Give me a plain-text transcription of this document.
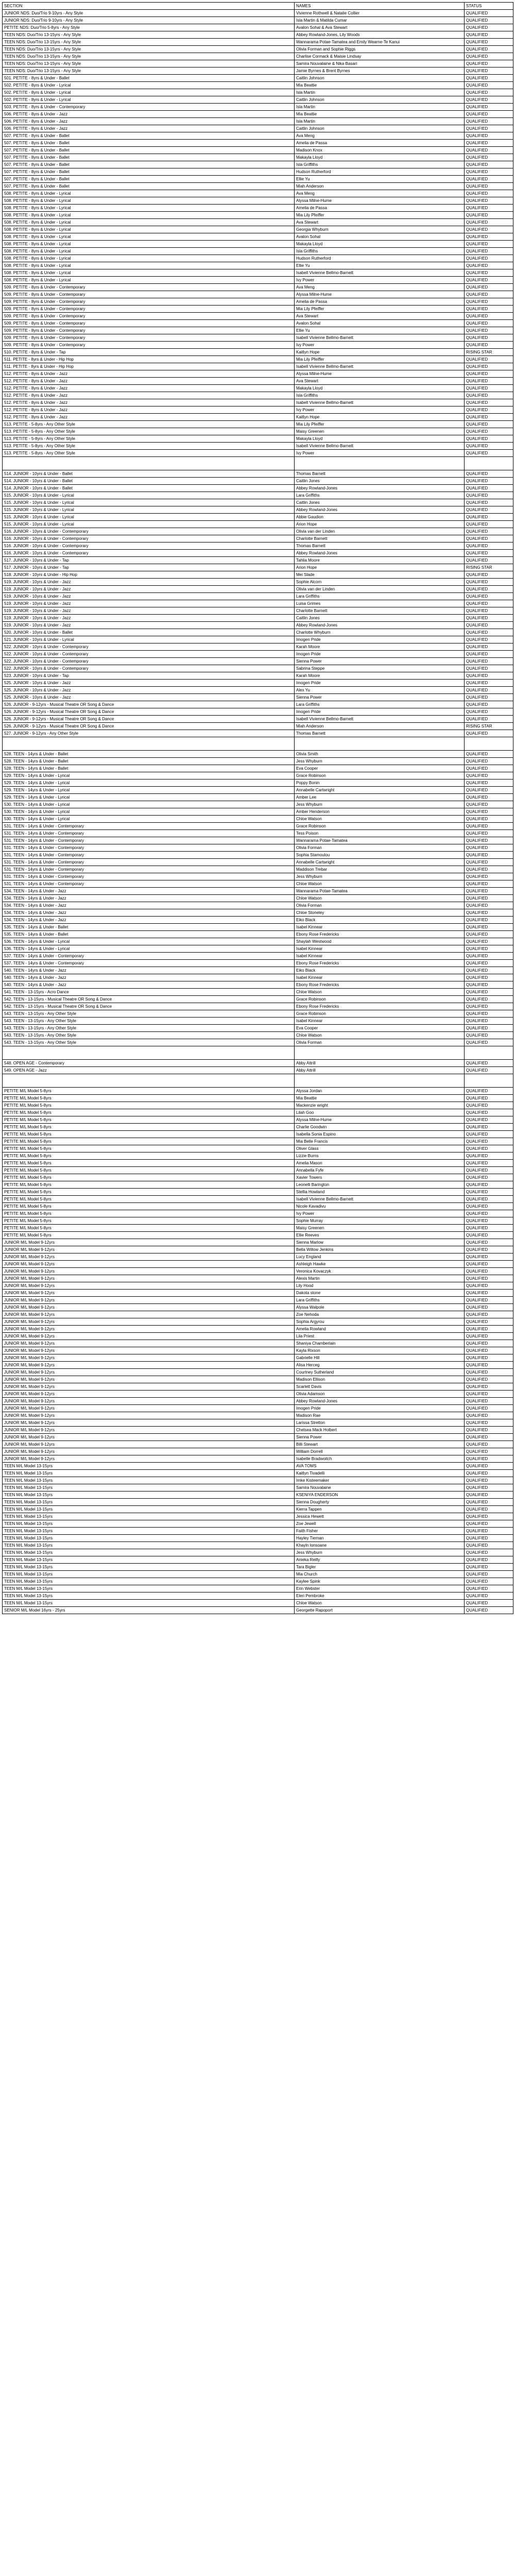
SECTION	NAMES	STATUS
JUNIOR NDS: Duo/Trio 9-10yrs - Any Style	Vivienne Rothwell & Natalie Collier	QUALIFIED
JUNIOR NDS: Duo/Trio 9-10yrs - Any Style	Isla Martin & Matilda Cumar	QUALIFIED
PETITE NDS: Duo/Trio 5-8yrs - Any Style	Avalon Sohal & Ava Stewart	QUALIFIED
TEEN NDS: Duo/Trio 13-15yrs - Any Style	Abbey Rowland-Jones, Lily Woods	QUALIFIED
TEEN NDS: Duo/Trio 13-15yrs - Any Style	Wannarama Potae-Tamatea and Emily Wearne-Te Kanui	QUALIFIED
TEEN NDS: Duo/Trio 13-15yrs - Any Style	Olivia Forman and Sophie Riggs	QUALIFIED
TEEN NDS: Duo/Trio 13-15yrs - Any Style	Charlise Cormack & Maisie Lindsay	QUALIFIED
TEEN NDS: Duo/Trio 13-15yrs - Any Style	Samira Nouvalaine & Nika Basari	QUALIFIED
TEEN NDS: Duo/Trio 13-15yrs - Any Style	Jamie Byrnes & Brent Byrnes	QUALIFIED
501. PETITE - 8yrs & Under - Ballet	Caitlin Johnson	QUALIFIED
502. PETITE - 8yrs & Under - Lyrical	Mia Beattie	QUALIFIED
502. PETITE - 8yrs & Under - Lyrical	Isla Martin	QUALIFIED
502. PETITE - 8yrs & Under - Lyrical	Caitlin Johnson	QUALIFIED
503. PETITE - 8yrs & Under - Contemporary	Isla Martin	QUALIFIED
506. PETITE - 8yrs & Under - Jazz	Mia Beattie	QUALIFIED
506. PETITE - 8yrs & Under - Jazz	Isla Martin	QUALIFIED
506. PETITE - 8yrs & Under - Jazz	Caitlin Johnson	QUALIFIED
507. PETITE - 8yrs & Under - Ballet	Ava Meng	QUALIFIED
507. PETITE - 8yrs & Under - Ballet	Amelia de Passa	QUALIFIED
507. PETITE - 8yrs & Under - Ballet	Madison Knox	QUALIFIED
507. PETITE - 8yrs & Under - Ballet	Makayla Lloyd	QUALIFIED
507. PETITE - 8yrs & Under - Ballet	Isla Griffiths	QUALIFIED
507. PETITE - 8yrs & Under - Ballet	Hudson Rutherford	QUALIFIED
507. PETITE - 8yrs & Under - Ballet	Ellie Yu	QUALIFIED
507. PETITE - 8yrs & Under - Ballet	Miah Anderson	QUALIFIED
508. PETITE - 8yrs & Under - Lyrical	Ava Meng	QUALIFIED
508. PETITE - 8yrs & Under - Lyrical	Alyssa Milne-Hume	QUALIFIED
508. PETITE - 8yrs & Under - Lyrical	Amelia de Passa	QUALIFIED
508. PETITE - 8yrs & Under - Lyrical	Mia Lily Pfeiffer	QUALIFIED
508. PETITE - 8yrs & Under - Lyrical	Ava Stewart	QUALIFIED
508. PETITE - 8yrs & Under - Lyrical	Georgia Whyburn	QUALIFIED
508. PETITE - 8yrs & Under - Lyrical	Avalon Sohal	QUALIFIED
508. PETITE - 8yrs & Under - Lyrical	Makayla Lloyd	QUALIFIED
508. PETITE - 8yrs & Under - Lyrical	Isla Griffiths	QUALIFIED
508. PETITE - 8yrs & Under - Lyrical	Hudson Rutherford	QUALIFIED
508. PETITE - 8yrs & Under - Lyrical	Ellie Yu	QUALIFIED
508. PETITE - 8yrs & Under - Lyrical	Isabell Vivienne Bellmo-Barnett	QUALIFIED
508. PETITE - 8yrs & Under - Lyrical	Ivy Power	QUALIFIED
509. PETITE - 8yrs & Under - Contemporary	Ava Meng	QUALIFIED
509. PETITE - 8yrs & Under - Contemporary	Alyssa Milne-Hume	QUALIFIED
509. PETITE - 8yrs & Under - Contemporary	Amelia de Passa	QUALIFIED
509. PETITE - 8yrs & Under - Contemporary	Mia Lily Pfeiffer	QUALIFIED
509. PETITE - 8yrs & Under - Contemporary	Ava Stewart	QUALIFIED
509. PETITE - 8yrs & Under - Contemporary	Avalon Sohal	QUALIFIED
509. PETITE - 8yrs & Under - Contemporary	Ellie Yu	QUALIFIED
509. PETITE - 8yrs & Under - Contemporary	Isabell Vivienne Bellmo-Barnett	QUALIFIED
509. PETITE - 8yrs & Under - Contemporary	Ivy Power	QUALIFIED
510. PETITE - 8yrs & Under - Tap	Kaitlyn Hope	RISING STAR
511. PETITE - 8yrs & Under - Hip Hop	Mia Lily Pfeiffer	QUALIFIED
511. PETITE - 8yrs & Under - Hip Hop	Isabell Vivienne Bellmo-Barnett	QUALIFIED
512. PETITE - 8yrs & Under - Jazz	Alyssa Milne-Hume	QUALIFIED
512. PETITE - 8yrs & Under - Jazz	Ava Stewart	QUALIFIED
512. PETITE - 8yrs & Under - Jazz	Makayla Lloyd	QUALIFIED
512. PETITE - 8yrs & Under - Jazz	Isla Griffiths	QUALIFIED
512. PETITE - 8yrs & Under - Jazz	Isabell Vivienne Bellmo-Barnett	QUALIFIED
512. PETITE - 8yrs & Under - Jazz	Ivy Power	QUALIFIED
512. PETITE - 8yrs & Under - Jazz	Kaitlyn Hope	QUALIFIED
513. PETITE - 5-8yrs - Any Other Style	Mia Lily Pfeiffer	QUALIFIED
513. PETITE - 5-8yrs - Any Other Style	Maisy Greenen	QUALIFIED
513. PETITE - 5-8yrs - Any Other Style	Makayla Lloyd	QUALIFIED
513. PETITE - 5-8yrs - Any Other Style	Isabell Vivienne Bellmo-Barnett	QUALIFIED
513. PETITE - 5-8yrs - Any Other Style	Ivy Power	QUALIFIED

514. JUNIOR - 10yrs & Under - Ballet	Thomas Barnett	QUALIFIED
514. JUNIOR - 10yrs & Under - Ballet	Caitlin Jones	QUALIFIED
514. JUNIOR - 10yrs & Under - Ballet	Abbey Rowland-Jones	QUALIFIED
515. JUNIOR - 10yrs & Under - Lyrical	Lara Griffiths	QUALIFIED
515. JUNIOR - 10yrs & Under - Lyrical	Caitlin Jones	QUALIFIED
515. JUNIOR - 10yrs & Under - Lyrical	Abbey Rowland-Jones	QUALIFIED
515. JUNIOR - 10yrs & Under - Lyrical	Abbie Gaudion	QUALIFIED
515. JUNIOR - 10yrs & Under - Lyrical	Arion Hope	QUALIFIED
516. JUNIOR - 10yrs & Under - Contemporary	Olivia van der Linden	QUALIFIED
516. JUNIOR - 10yrs & Under - Contemporary	Charlotte Barnett	QUALIFIED
516. JUNIOR - 10yrs & Under - Contemporary	Thomas Barnett	QUALIFIED
516. JUNIOR - 10yrs & Under - Contemporary	Abbey Rowland-Jones	QUALIFIED
517. JUNIOR - 10yrs & Under - Tap	Tahlia Moore	QUALIFIED
517. JUNIOR - 10yrs & Under - Tap	Arion Hope	RISING STAR
518. JUNIOR - 10yrs & Under - Hip Hop	Mei Slade	QUALIFIED
519. JUNIOR - 10yrs & Under - Jazz	Sophie Alcorn	QUALIFIED
519. JUNIOR - 10yrs & Under - Jazz	Olivia van der Linden	QUALIFIED
519. JUNIOR - 10yrs & Under - Jazz	Lara Griffiths	QUALIFIED
519. JUNIOR - 10yrs & Under - Jazz	Luisa Grimes	QUALIFIED
519. JUNIOR - 10yrs & Under - Jazz	Charlotte Barnett	QUALIFIED
519. JUNIOR - 10yrs & Under - Jazz	Caitlin Jones	QUALIFIED
519. JUNIOR - 10yrs & Under - Jazz	Abbey Rowland-Jones	QUALIFIED
520. JUNIOR - 10yrs & Under - Ballet	Charlotte Whyburn	QUALIFIED
521. JUNIOR - 10yrs & Under - Lyrical	Imogen Pride	QUALIFIED
522. JUNIOR - 10yrs & Under - Contemporary	Karah Moore	QUALIFIED
522. JUNIOR - 10yrs & Under - Contemporary	Imogen Pride	QUALIFIED
522. JUNIOR - 10yrs & Under - Contemporary	Sienna Power	QUALIFIED
522. JUNIOR - 10yrs & Under - Contemporary	Sabrina Steppe	QUALIFIED
523. JUNIOR - 10yrs & Under - Tap	Karah Moore	QUALIFIED
525. JUNIOR - 10yrs & Under - Jazz	Imogen Pride	QUALIFIED
525. JUNIOR - 10yrs & Under - Jazz	Alex Yu	QUALIFIED
525. JUNIOR - 10yrs & Under - Jazz	Sienna Power	QUALIFIED
526. JUNIOR - 9-12yrs - Musical Theatre OR Song & Dance	Lara Griffiths	QUALIFIED
526. JUNIOR - 9-12yrs - Musical Theatre OR Song & Dance	Imogen Pride	QUALIFIED
526. JUNIOR - 9-12yrs - Musical Theatre OR Song & Dance	Isabell Vivienne Bellmo-Barnett	QUALIFIED
526. JUNIOR - 9-12yrs - Musical Theatre OR Song & Dance	Miah Anderson	RISING STAR
527. JUNIOR - 9-12yrs - Any Other Style	Thomas Barnett	QUALIFIED

528. TEEN - 14yrs & Under - Ballet	Olivia Smith	QUALIFIED
528. TEEN - 14yrs & Under - Ballet	Jess Whyburn	QUALIFIED
528. TEEN - 14yrs & Under - Ballet	Eva Cooper	QUALIFIED
529. TEEN - 14yrs & Under - Lyrical	Grace Robinson	QUALIFIED
529. TEEN - 14yrs & Under - Lyrical	Poppy Bonin	QUALIFIED
529. TEEN - 14yrs & Under - Lyrical	Annabelle Cartwright	QUALIFIED
529. TEEN - 14yrs & Under - Lyrical	Amber Lee	QUALIFIED
530. TEEN - 14yrs & Under - Lyrical	Jess Whyburn	QUALIFIED
530. TEEN - 14yrs & Under - Lyrical	Amber Henderson	QUALIFIED
530. TEEN - 14yrs & Under - Lyrical	Chloe Watson	QUALIFIED
531. TEEN - 14yrs & Under - Contemporary	Grace Robinson	QUALIFIED
531. TEEN - 14yrs & Under - Contemporary	Tess Poison	QUALIFIED
531. TEEN - 14yrs & Under - Contemporary	Wannarama Potae-Tamatea	QUALIFIED
531. TEEN - 14yrs & Under - Contemporary	Olivia Forman	QUALIFIED
531. TEEN - 14yrs & Under - Contemporary	Sophia Stamoulou	QUALIFIED
531. TEEN - 14yrs & Under - Contemporary	Annabelle Cartwright	QUALIFIED
531. TEEN - 14yrs & Under - Contemporary	Maddison Trebar	QUALIFIED
531. TEEN - 14yrs & Under - Contemporary	Jess Whyburn	QUALIFIED
531. TEEN - 14yrs & Under - Contemporary	Chloe Watson	QUALIFIED
534. TEEN - 14yrs & Under - Jazz	Wannarama Potae-Tamatea	QUALIFIED
534. TEEN - 14yrs & Under - Jazz	Chloe Watson	QUALIFIED
534. TEEN - 14yrs & Under - Jazz	Olivia Forman	QUALIFIED
534. TEEN - 14yrs & Under - Jazz	Chloe Stoneley	QUALIFIED
534. TEEN - 14yrs & Under - Jazz	Eiko Black	QUALIFIED
535. TEEN - 14yrs & Under - Ballet	Isabel Kinnear	QUALIFIED
535. TEEN - 14yrs & Under - Ballet	Ebony Rose Fredericks	QUALIFIED
536. TEEN - 14yrs & Under - Lyrical	Shaylah Westwood	QUALIFIED
536. TEEN - 14yrs & Under - Lyrical	Isabel Kinnear	QUALIFIED
537. TEEN - 14yrs & Under - Contemporary	Isabel Kinnear	QUALIFIED
537. TEEN - 14yrs & Under - Contemporary	Ebony Rose Fredericks	QUALIFIED
540. TEEN - 14yrs & Under - Jazz	Eiko Black	QUALIFIED
540. TEEN - 14yrs & Under - Jazz	Isabel Kinnear	QUALIFIED
540. TEEN - 14yrs & Under - Jazz	Ebony Rose Fredericks	QUALIFIED
541. TEEN - 13-15yrs - Acro Dance	Chloe Watson	QUALIFIED
542. TEEN - 13-15yrs - Musical Theatre OR Song & Dance	Grace Robinson	QUALIFIED
542. TEEN - 13-15yrs - Musical Theatre OR Song & Dance	Ebony Rose Fredericks	QUALIFIED
543. TEEN - 13-15yrs - Any Other Style	Grace Robinson	QUALIFIED
543. TEEN - 13-15yrs - Any Other Style	Isabel Kinnear	QUALIFIED
543. TEEN - 13-15yrs - Any Other Style	Eva Cooper	QUALIFIED
543. TEEN - 13-15yrs - Any Other Style	Chloe Watson	QUALIFIED
543. TEEN - 13-15yrs - Any Other Style	Olivia Forman	QUALIFIED

548. OPEN AGE - Contemporary	Abby Attrill	QUALIFIED
549. OPEN AGE - Jazz	Abby Attrill	QUALIFIED

PETITE M/L Model 5-8yrs	Alyssa Jordan	QUALIFIED
PETITE M/L Model 5-8yrs	Mia Beattie	QUALIFIED
PETITE M/L Model 5-8yrs	Mackenzie wright	QUALIFIED
PETITE M/L Model 5-8yrs	Lilah Goo	QUALIFIED
PETITE M/L Model 5-8yrs	Alyssa Milne-Hume	QUALIFIED
PETITE M/L Model 5-8yrs	Charlie Goodwin	QUALIFIED
PETITE M/L Model 5-8yrs	Isabella Sonia Espino	QUALIFIED
PETITE M/L Model 5-8yrs	Mia Belle Francis	QUALIFIED
PETITE M/L Model 5-8yrs	Oliver Glass	QUALIFIED
PETITE M/L Model 5-8yrs	Lizzie Burns	QUALIFIED
PETITE M/L Model 5-8yrs	Amelia Mason	QUALIFIED
PETITE M/L Model 5-8yrs	Annabella Fyfe	QUALIFIED
PETITE M/L Model 5-8yrs	Xavier Towers	QUALIFIED
PETITE M/L Model 5-8yrs	Leonelli Barington	QUALIFIED
PETITE M/L Model 5-8yrs	Stellia Howland	QUALIFIED
PETITE M/L Model 5-8yrs	Isabell Vivienne Bellmo-Barnett	QUALIFIED
PETITE M/L Model 5-8yrs	Nicole Kavadivu	QUALIFIED
PETITE M/L Model 5-8yrs	Ivy Power	QUALIFIED
PETITE M/L Model 5-8yrs	Sophie Murray	QUALIFIED
PETITE M/L Model 5-8yrs	Maisy Greenen	QUALIFIED
PETITE M/L Model 5-8yrs	Ellie Reeves	QUALIFIED
JUNIOR M/L Model 9-12yrs	Sienna Marlow	QUALIFIED
JUNIOR M/L Model 9-12yrs	Bella Willow Jenkins	QUALIFIED
JUNIOR M/L Model 9-12yrs	Lucy England	QUALIFIED
JUNIOR M/L Model 9-12yrs	Ashleigh Hawke	QUALIFIED
JUNIOR M/L Model 9-12yrs	Veronica Kovaczyk	QUALIFIED
JUNIOR M/L Model 9-12yrs	Alexis Martin	QUALIFIED
JUNIOR M/L Model 9-12yrs	Lily Hood	QUALIFIED
JUNIOR M/L Model 9-12yrs	Dakota stone	QUALIFIED
JUNIOR M/L Model 9-12yrs	Lara Griffiths	QUALIFIED
JUNIOR M/L Model 9-12yrs	Alyssa Walpole	QUALIFIED
JUNIOR M/L Model 9-12yrs	Zoe Nehoda	QUALIFIED
JUNIOR M/L Model 9-12yrs	Sophia Argyrou	QUALIFIED
JUNIOR M/L Model 9-12yrs	Amelia Rowland	QUALIFIED
JUNIOR M/L Model 9-12yrs	Lila Priest	QUALIFIED
JUNIOR M/L Model 9-12yrs	Shaniya Chamberlain	QUALIFIED
JUNIOR M/L Model 9-12yrs	Kayla Rixson	QUALIFIED
JUNIOR M/L Model 9-12yrs	Gabrielle Hill	QUALIFIED
JUNIOR M/L Model 9-12yrs	Alisa Herceg	QUALIFIED
JUNIOR M/L Model 9-12yrs	Courtney Sutherland	QUALIFIED
JUNIOR M/L Model 9-12yrs	Madison Ellison	QUALIFIED
JUNIOR M/L Model 9-12yrs	Scarlett Davis	QUALIFIED
JUNIOR M/L Model 9-12yrs	Olivia Adamson	QUALIFIED
JUNIOR M/L Model 9-12yrs	Abbey Rowland-Jones	QUALIFIED
JUNIOR M/L Model 9-12yrs	Imogen Pride	QUALIFIED
JUNIOR M/L Model 9-12yrs	Madison Rae	QUALIFIED
JUNIOR M/L Model 9-12yrs	Larissa Stretton	QUALIFIED
JUNIOR M/L Model 9-12yrs	Chelsea Mack Holbert	QUALIFIED
JUNIOR M/L Model 9-12yrs	Sienna Power	QUALIFIED
JUNIOR M/L Model 9-12yrs	Billi Stewart	QUALIFIED
JUNIOR M/L Model 9-12yrs	William Dorrell	QUALIFIED
JUNIOR M/L Model 9-12yrs	Isabelle Bradwoitch	QUALIFIED
TEEN M/L Model 13-15yrs	AVA TOMS	QUALIFIED
TEEN M/L Model 13-15yrs	Kaitlyn Tivadelli	QUALIFIED
TEEN M/L Model 13-15yrs	Imke Kisteemaker	QUALIFIED
TEEN M/L Model 13-15yrs	Samira Nouvalaine	QUALIFIED
TEEN M/L Model 13-15yrs	KSENIYA ENDERSON	QUALIFIED
TEEN M/L Model 13-15yrs	Sienna Dougherty	QUALIFIED
TEEN M/L Model 13-15yrs	Kierra Tappen	QUALIFIED
TEEN M/L Model 13-15yrs	Jessica Hewett	QUALIFIED
TEEN M/L Model 13-15yrs	Zoe Jewell	QUALIFIED
TEEN M/L Model 13-15yrs	Faith Fisher	QUALIFIED
TEEN M/L Model 13-15yrs	Hayley Tiernan	QUALIFIED
TEEN M/L Model 13-15yrs	Khayln lonsoane	QUALIFIED
TEEN M/L Model 13-15yrs	Jess Whyburn	QUALIFIED
TEEN M/L Model 13-15yrs	Anieka Reilly	QUALIFIED
TEEN M/L Model 13-15yrs	Tara Bigler	QUALIFIED
TEEN M/L Model 13-15yrs	Mia Church	QUALIFIED
TEEN M/L Model 13-15yrs	Kaylee Spink	QUALIFIED
TEEN M/L Model 13-15yrs	Erin Webster	QUALIFIED
TEEN M/L Model 13-15yrs	Eleri Pembroke	QUALIFIED
TEEN M/L Model 13-15yrs	Chloe Watson	QUALIFIED
SENIOR M/L Model 16yrs - 25yrs	Georgette Rapoport	QUALIFIED
